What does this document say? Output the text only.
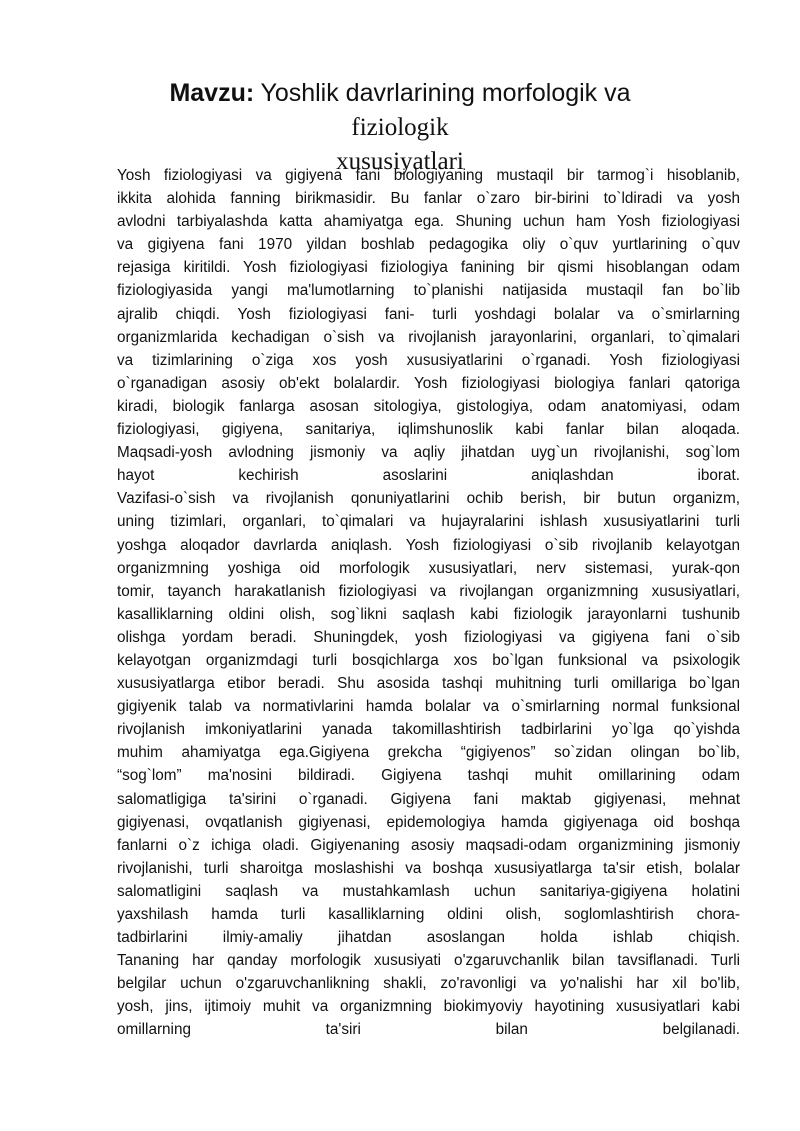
Mavzu: Yoshlik davrlarining morfologik va fiziologik
xususiyatlari
Yosh fiziologiyasi va gigiyena fani biologiyaning mustaqil bir tarmog`i hisoblanib,
ikkita alohida fanning birikmasidir. Bu fanlar o`zaro bir-birini to`ldiradi va yosh
avlodni tarbiyalashda katta ahamiyatga ega. Shuning uchun ham Yosh fiziologiyasi
va gigiyena fani 1970 yildan boshlab pedagogika oliy o`quv yurtlarining o`quv
rejasiga kiritildi. Yosh fiziologiyasi fiziologiya fanining bir qismi hisoblangan odam
fiziologiyasida yangi ma'lumotlarning to`planishi natijasida mustaqil fan bo`lib
ajralib chiqdi. Yosh fiziologiyasi fani- turli yoshdagi bolalar va o`smirlarning
organizmlarida kechadigan o`sish va rivojlanish jarayonlarini, organlari, to`qimalari
va tizimlarining o`ziga xos yosh xususiyatlarini o`rganadi. Yosh fiziologiyasi
o`rganadigan asosiy ob'ekt bolalardir. Yosh fiziologiyasi biologiya fanlari qatoriga
kiradi, biologik fanlarga asosan sitologiya, gistologiya, odam anatomiyasi, odam
fiziologiyasi, gigiyena, sanitariya, iqlimshunoslik kabi fanlar bilan aloqada.
Maqsadi-yosh avlodning jismoniy va aqliy jihatdan uyg`un rivojlanishi, sog`lom
hayot kechirish asoslarini aniqlashdan iborat.
Vazifasi-o`sish va rivojlanish qonuniyatlarini ochib berish, bir butun organizm,
uning tizimlari, organlari, to`qimalari va hujayralarini ishlash xususiyatlarini turli
yoshga aloqador davrlarda aniqlash. Yosh fiziologiyasi o`sib rivojlanib kelayotgan
organizmning yoshiga oid morfologik xususiyatlari, nerv sistemasi, yurak-qon
tomir, tayanch harakatlanish fiziologiyasi va rivojlangan organizmning xususiyatlari,
kasalliklarning oldini olish, sog`likni saqlash kabi fiziologik jarayonlarni tushunib
olishga yordam beradi. Shuningdek, yosh fiziologiyasi va gigiyena fani o`sib
kelayotgan organizmdagi turli bosqichlarga xos bo`lgan funksional va psixologik
xususiyatlarga etibor beradi. Shu asosida tashqi muhitning turli omillariga bo`lgan
gigiyenik talab va normativlarini hamda bolalar va o`smirlarning normal funksional
rivojlanish imkoniyatlarini yanada takomillashtirish tadbirlarini yo`lga qo`yishda
muhim ahamiyatga ega.Gigiyena grekcha “gigiyenos” so`zidan olingan bo`lib,
“sog`lom” ma'nosini bildiradi. Gigiyena tashqi muhit omillarining odam
salomatligiga ta'sirini o`rganadi. Gigiyena fani maktab gigiyenasi, mehnat
gigiyenasi, ovqatlanish gigiyenasi, epidemologiya hamda gigiyenaga oid boshqa
fanlarni o`z ichiga oladi. Gigiyenaning asosiy maqsadi-odam organizmining jismoniy
rivojlanishi, turli sharoitga moslashishi va boshqa xususiyatlarga ta'sir etish, bolalar
salomatligini saqlash va mustahkamlash uchun sanitariya-gigiyena holatini
yaxshilash hamda turli kasalliklarning oldini olish, soglomlashtirish chora-
tadbirlarini ilmiy-amaliy jihatdan asoslangan holda ishlab chiqish.
Tananing har qanday morfologik xususiyati o'zgaruvchanlik bilan tavsiflanadi. Turli
belgilar uchun o'zgaruvchanlikning shakli, zo'ravonligi va yo'nalishi har xil bo'lib,
yosh, jins, ijtimoiy muhit va organizmning biokimyoviy hayotining xususiyatlari kabi
omillarning ta'siri bilan belgilanadi.
